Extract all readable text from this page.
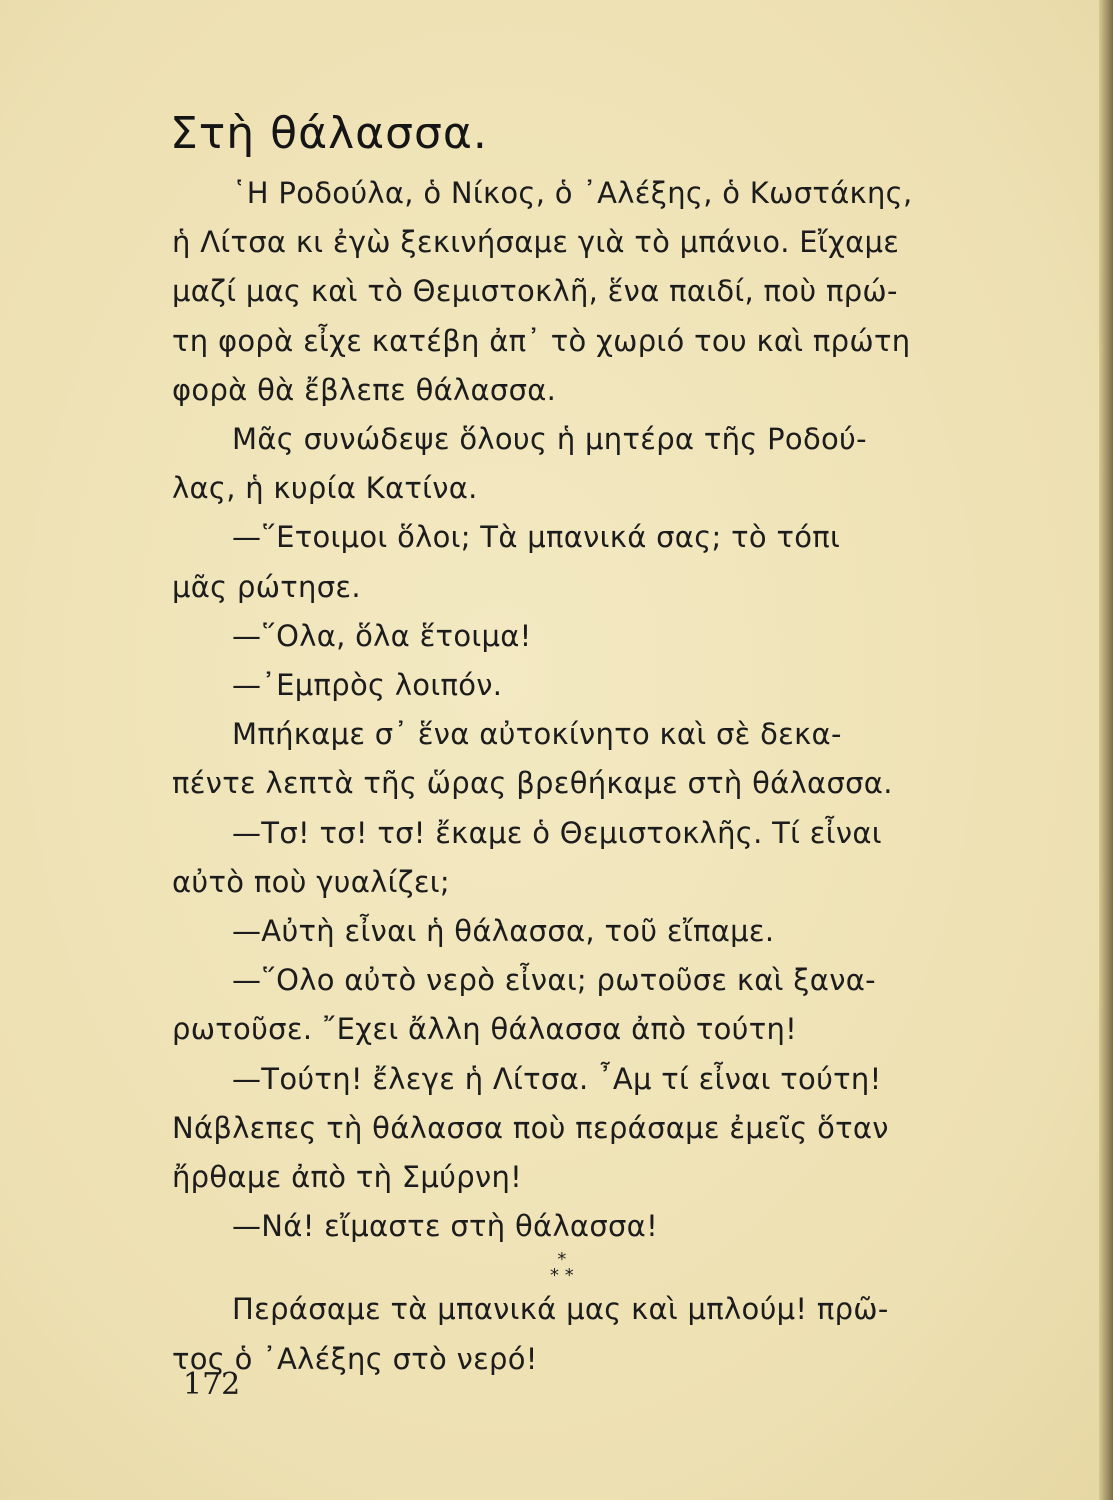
Στὴ θάλασσα.
῾Η Ροδούλα, ὁ Νίκος, ὁ ᾿Αλέξης, ὁ Κωστάκης,
ἡ Λίτσα κι ἐγὼ ξεκινήσαμε γιὰ τὸ μπάνιο. Εἴχαμε
μαζί μας καὶ τὸ Θεμιστοκλῆ, ἕνα παιδί, ποὺ πρώ-
τη φορὰ εἶχε κατέβη ἀπ᾿ τὸ χωριό του καὶ πρώτη
φορὰ θὰ ἔβλεπε θάλασσα.
Μᾶς συνώδεψε ὅλους ἡ μητέρα τῆς Ροδού-
λας, ἡ κυρία Κατίνα.
—῞Ετοιμοι ὅλοι; Τὰ μπανικά σας; τὸ τόπι
μᾶς ρώτησε.
—῞Ολα, ὅλα ἕτοιμα!
—᾿Εμπρὸς λοιπόν.
Μπήκαμε σ᾿ ἕνα αὐτοκίνητο καὶ σὲ δεκα-
πέντε λεπτὰ τῆς ὥρας βρεθήκαμε στὴ θάλασσα.
—Τσ! τσ! τσ! ἔκαμε ὁ Θεμιστοκλῆς. Τί εἶναι
αὐτὸ ποὺ γυαλίζει;
—Αὐτὴ εἶναι ἡ θάλασσα, τοῦ εἴπαμε.
—῞Ολο αὐτὸ νερὸ εἶναι; ρωτοῦσε καὶ ξανα-
ρωτοῦσε. ῎Εχει ἄλλη θάλασσα ἀπὸ τούτη!
*
* *
172
—Τούτη! ἔλεγε ἡ Λίτσα. ῏Αμ τί εἶναι τούτη!
Νάβλεπες τὴ θάλασσα ποὺ περάσαμε ἐμεῖς ὅταν
ἤρθαμε ἀπὸ τὴ Σμύρνη!
—Νά! εἴμαστε στὴ θάλασσα!
Περάσαμε τὰ μπανικά μας καὶ μπλούμ! πρῶ-
τος ὁ ᾿Αλέξης στὸ νερό!
